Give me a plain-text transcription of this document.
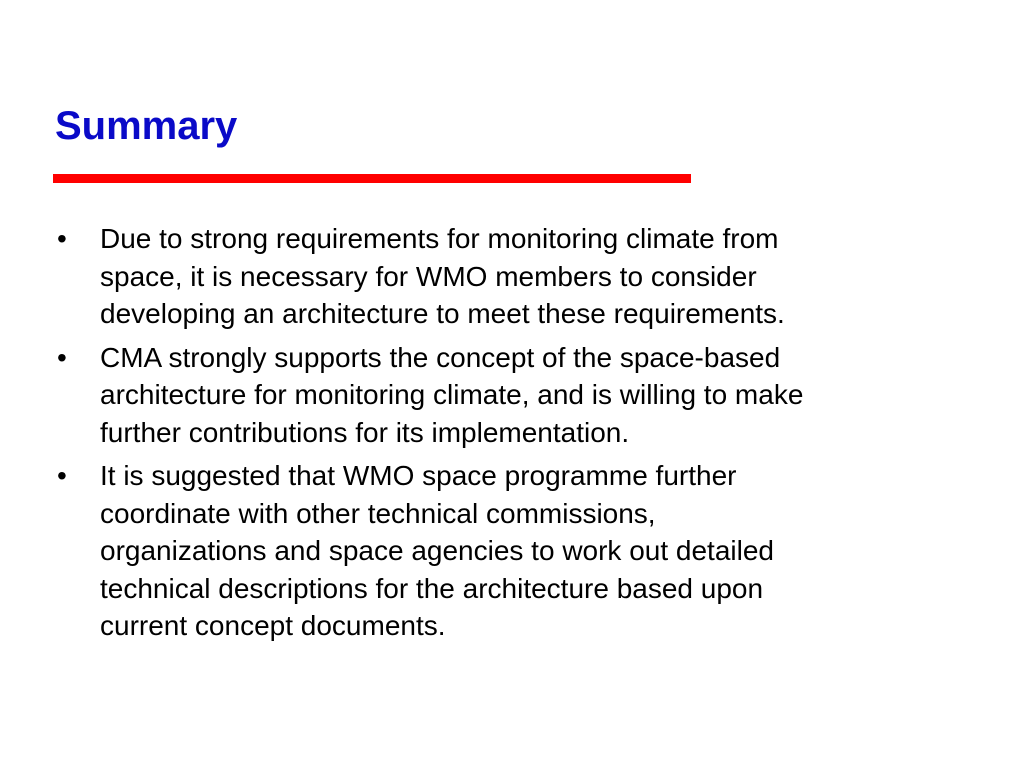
Summary
•	Due to strong requirements for monitoring climate from
space, it is necessary for WMO members to consider
developing an architecture to meet these requirements.
•	CMA strongly supports the concept of the space-based
architecture for monitoring climate, and is willing to make
further contributions for its implementation.
•	It is suggested that WMO space programme further
coordinate with other technical commissions,
organizations and space agencies to work out detailed
technical descriptions for the architecture based upon
current concept documents.
